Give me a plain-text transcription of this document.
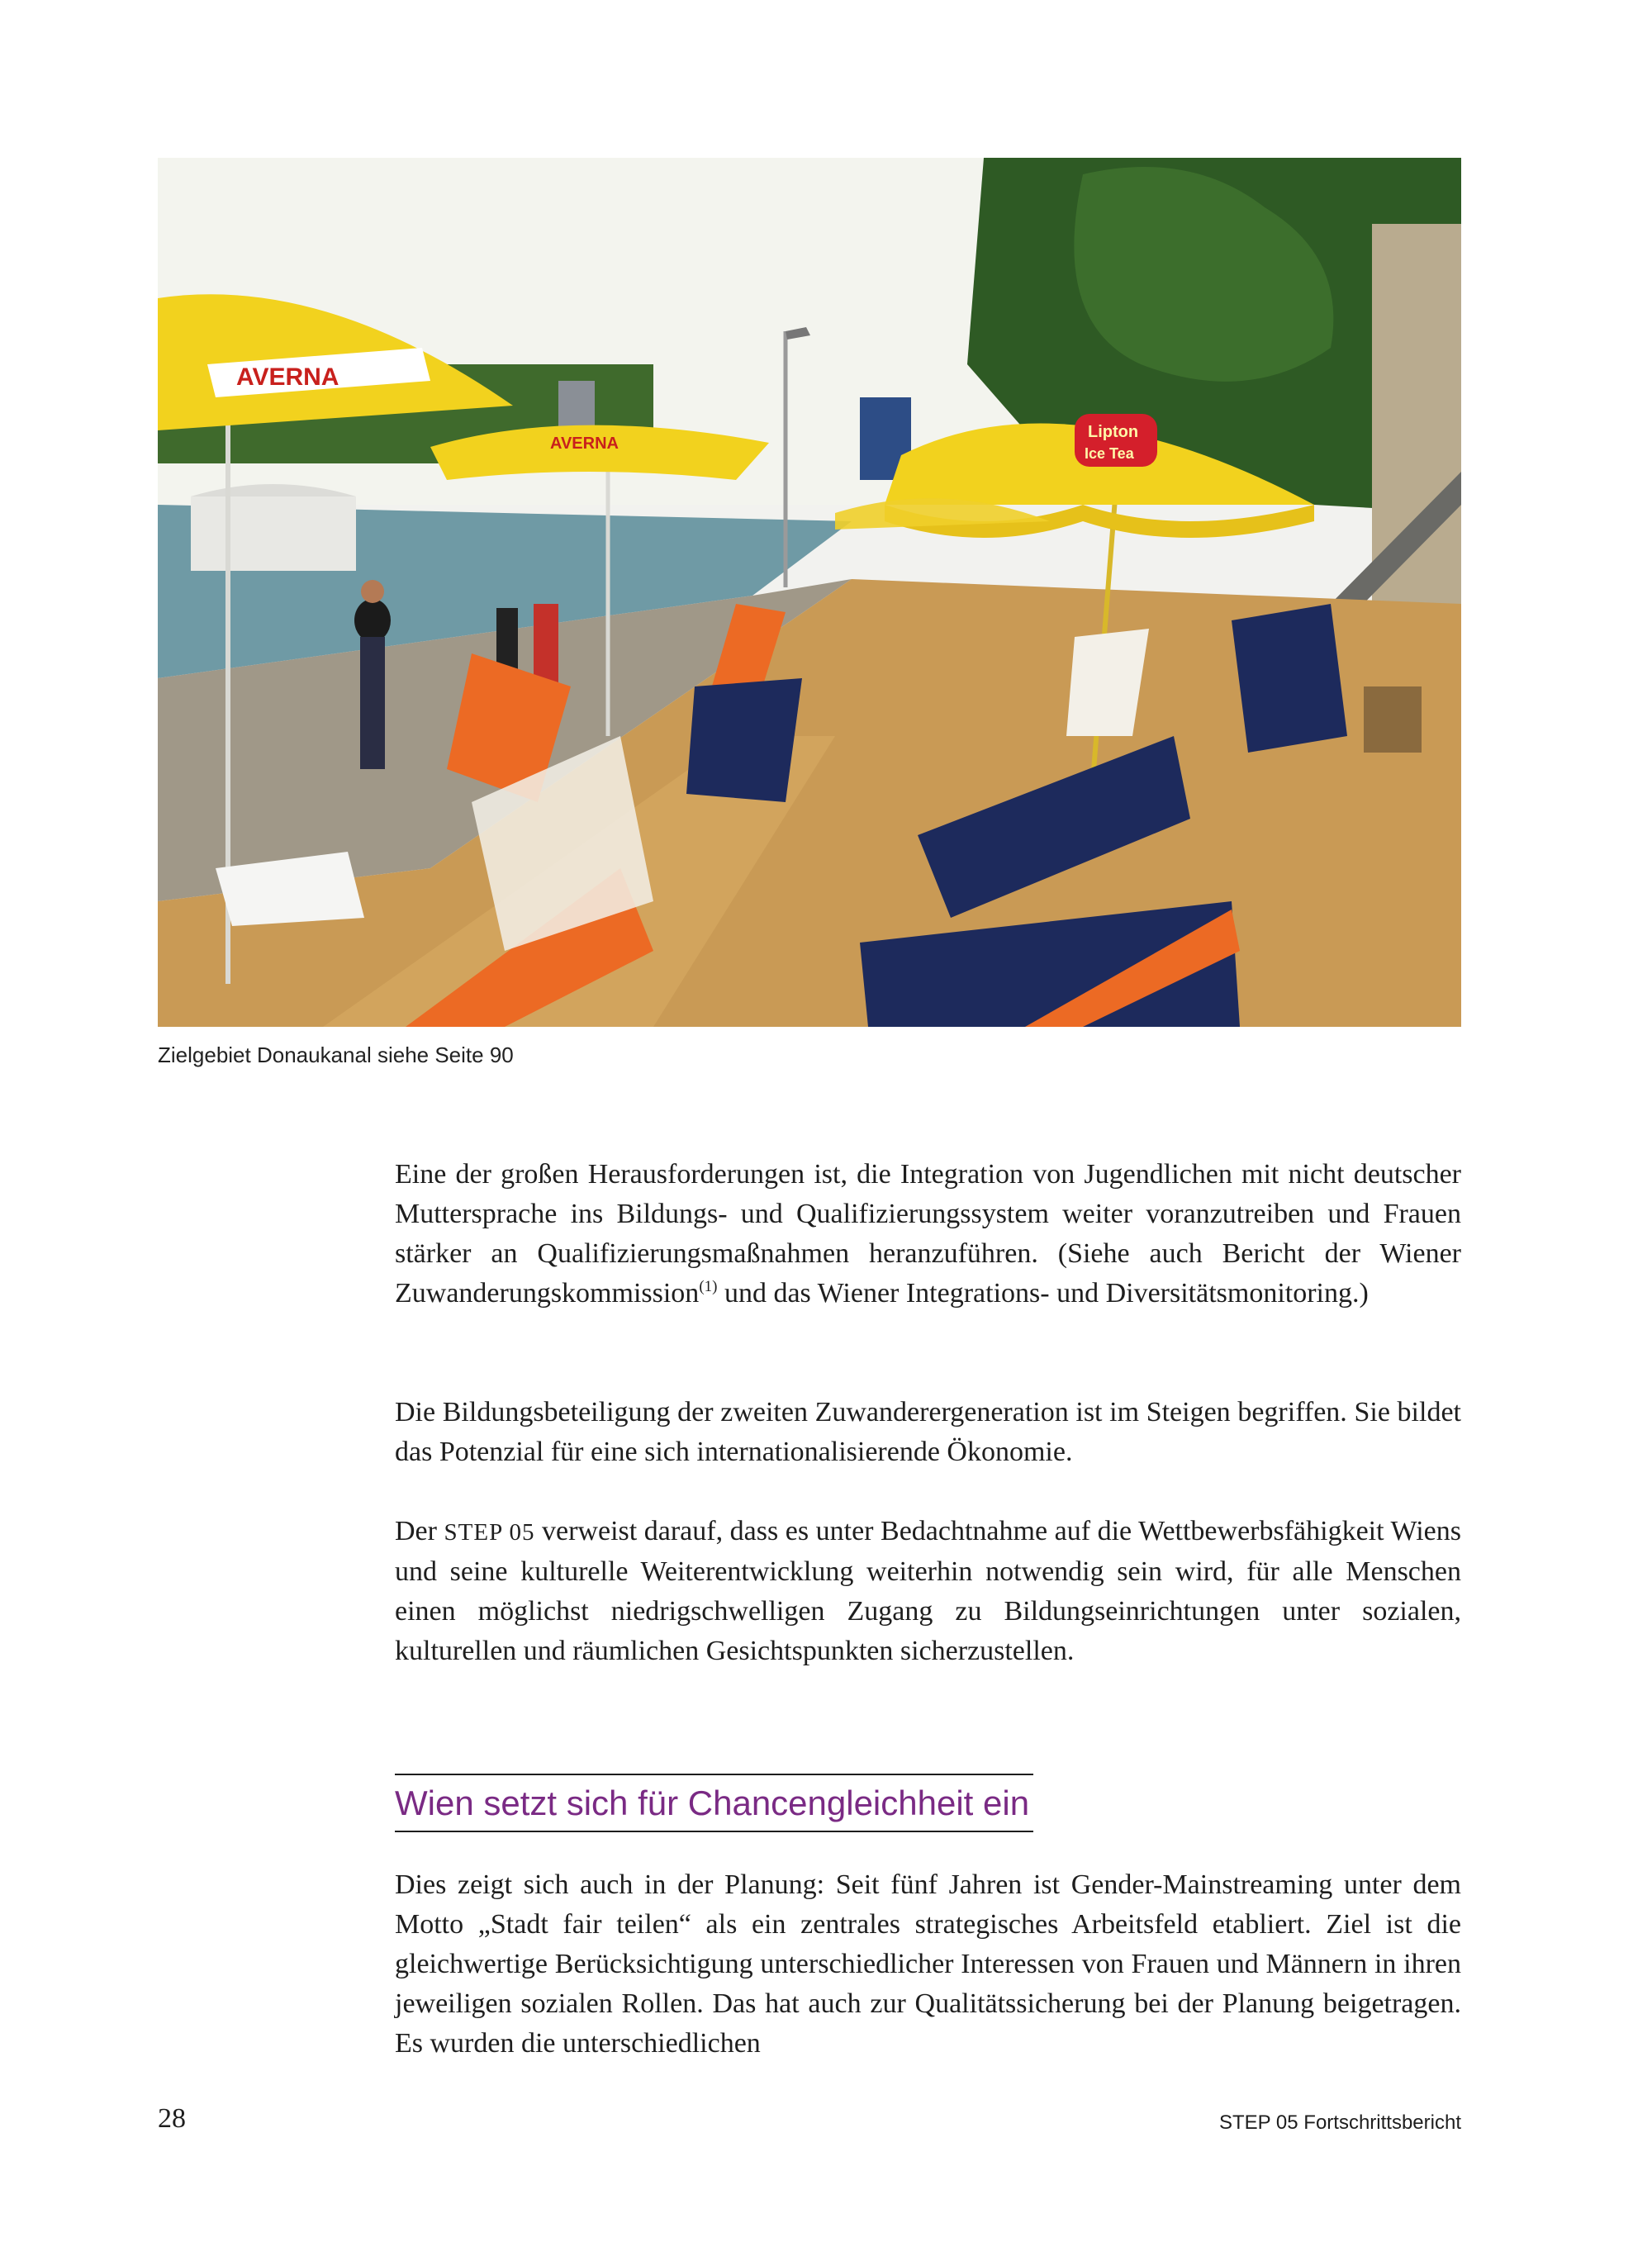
AVERNA
AVERNA
Lipton
Ice Tea
Zielgebiet Donaukanal siehe Seite 90

Eine der großen Herausforderungen ist, die Integration von Jugendlichen mit nicht deutscher Muttersprache ins Bildungs- und Qualifizierungssystem weiter voranzutreiben und Frauen stärker an Qualifizierungsmaßnahmen heranzuführen. (Siehe auch Bericht der Wiener Zuwanderungskommission$^{(1)}$ und das Wiener Integrations- und Diversitätsmonitoring.)

Die Bildungsbeteiligung der zweiten Zuwanderergeneration ist im Steigen begriffen. Sie bildet das Potenzial für eine sich internationalisierende Ökonomie.

Der STEP 05 verweist darauf, dass es unter Bedachtnahme auf die Wettbewerbsfähigkeit Wiens und seine kulturelle Weiterentwicklung weiterhin notwendig sein wird, für alle Menschen einen möglichst niedrigschwelligen Zugang zu Bildungseinrichtungen unter sozialen, kulturellen und räumlichen Gesichtspunkten sicherzustellen.

Wien setzt sich für Chancengleichheit ein

Dies zeigt sich auch in der Planung: Seit fünf Jahren ist Gender-Mainstreaming unter dem Motto „Stadt fair teilen“ als ein zentrales strategisches Arbeitsfeld etabliert. Ziel ist die gleichwertige Berücksichtigung unterschiedlicher Interessen von Frauen und Männern in ihren jeweiligen sozialen Rollen. Das hat auch zur Qualitätssicherung bei der Planung beigetragen. Es wurden die unterschiedlichen

28	STEP 05 Fortschrittsbericht
